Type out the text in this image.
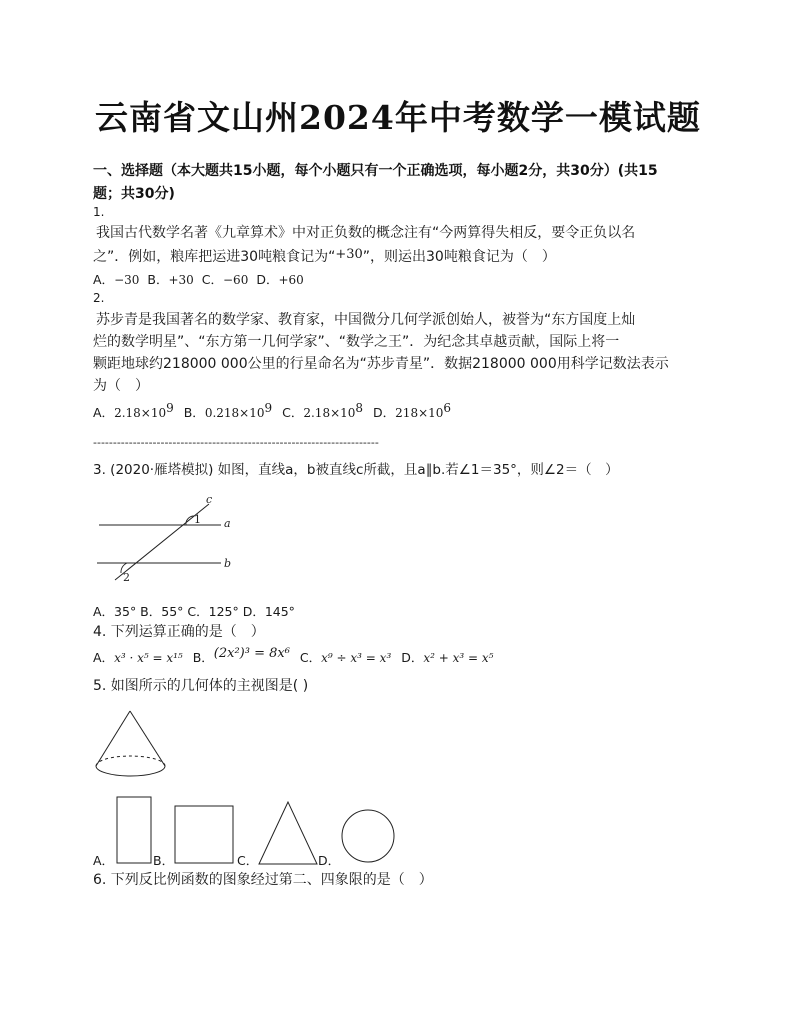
云南省文山州2024年中考数学一模试题
一、选择题（本大题共15小题，每个小题只有一个正确选项，每小题2分，共30分）(共15
题；共30分)
1.
我国古代数学名著《九章算术》中对正负数的概念注有“今两算得失相反，要令正负以名
之”．例如，粮库把运进30吨粮食记为“+30”，则运出30吨粮食记为（　）
A．−30 B．+30 C．−60 D．+60
2.
苏步青是我国著名的数学家、教育家，中国微分几何学派创始人，被誉为“东方国度上灿
烂的数学明星”、“东方第一几何学家”、“数学之王”．为纪念其卓越贡献，国际上将一
颗距地球约218000 000公里的行星命名为“苏步青星”．数据218000 000用科学记数法表示
为（　）
A．$2.18\times 10^9$ B．$0.218\times 10^9$ C．$2.18\times 10^8$ D．$218\times 10^6$
------------------------------------------------------------------------
3. (2020·雁塔模拟) 如图，直线a，b被直线c所截，且a∥b.若∠1＝35°，则∠2＝（　）
c
a
b
1
2
A．35° B．55° C．125° D．145°
4. 下列运算正确的是（　）
A．x³ · x⁵ = x¹⁵ B．(2x²)³ = 8x⁶ C．x⁹ ÷ x³ = x³ D．x² + x³ = x⁵
5. 如图所示的几何体的主视图是( )
A．	B．	C．	D．
6. 下列反比例函数的图象经过第二、四象限的是（　）
